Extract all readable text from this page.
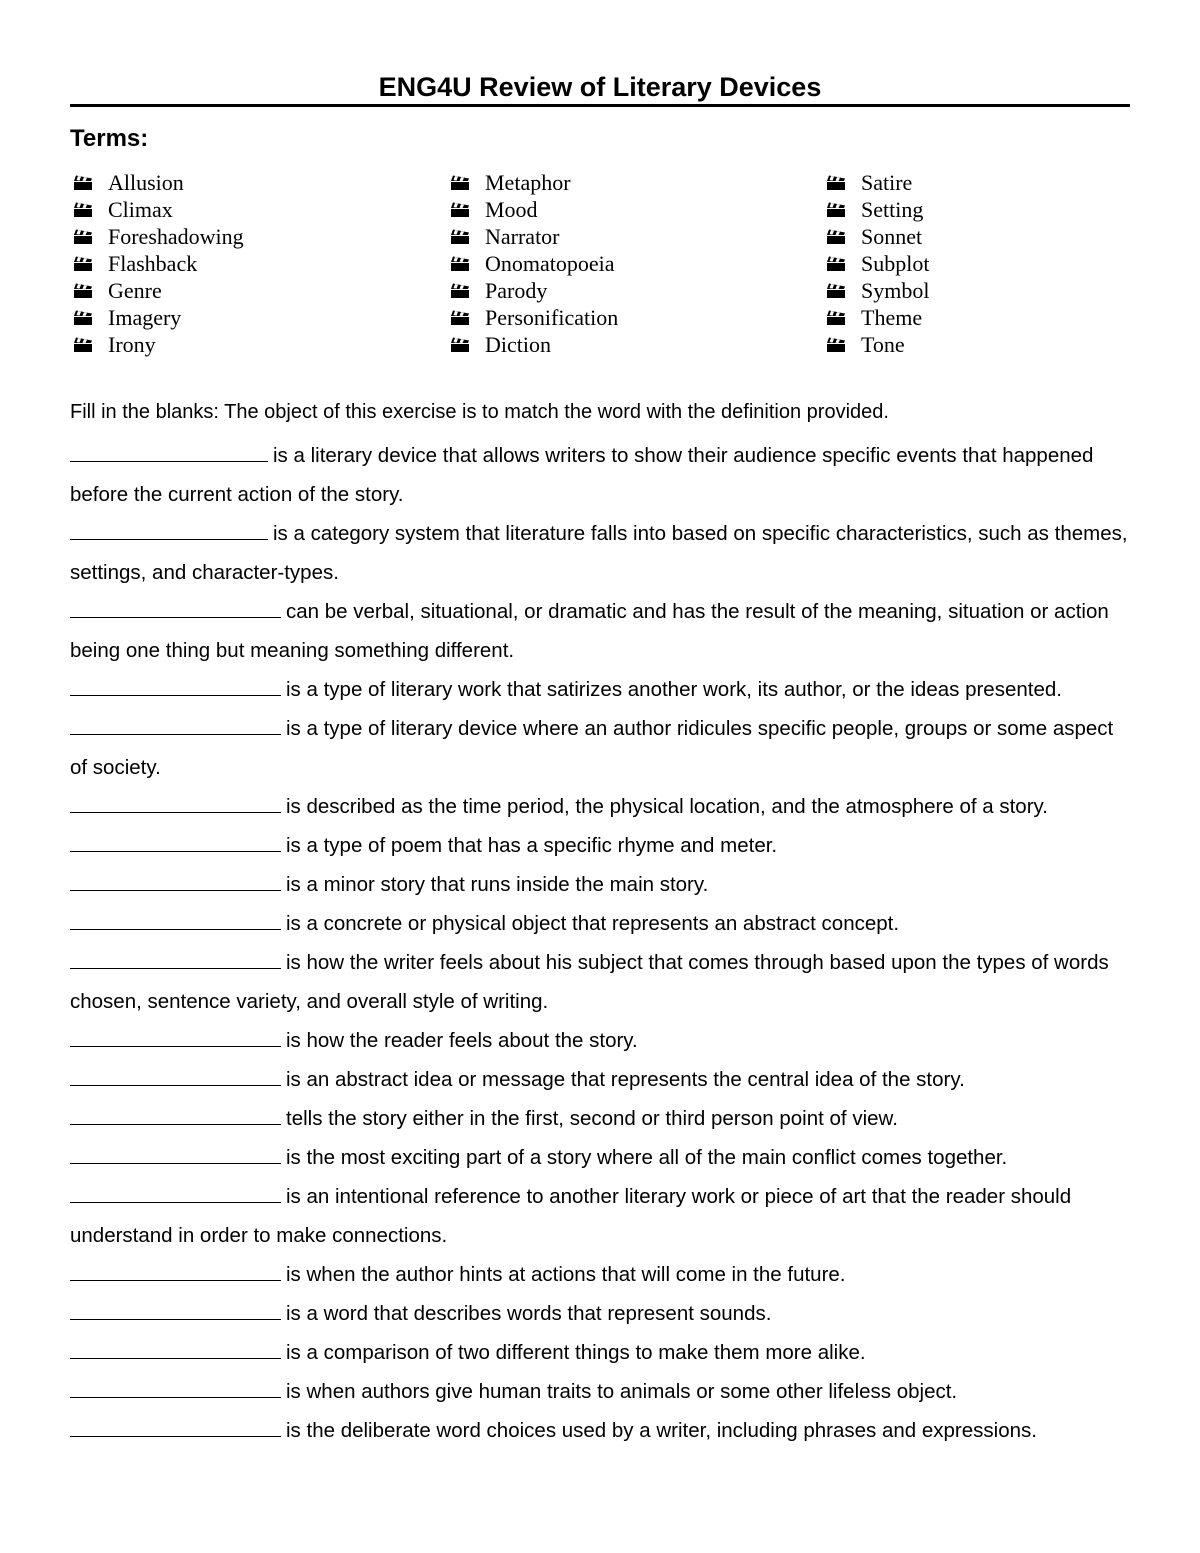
ENG4U Review of Literary Devices
Terms:
Allusion
Climax
Foreshadowing
Flashback
Genre
Imagery
Irony
Metaphor
Mood
Narrator
Onomatopoeia
Parody
Personification
Diction
Satire
Setting
Sonnet
Subplot
Symbol
Theme
Tone
Fill in the blanks: The object of this exercise is to match the word with the definition provided.
is a literary device that allows writers to show their audience specific events that happened before the current action of the story.
is a category system that literature falls into based on specific characteristics, such as themes, settings, and character-types.
can be verbal, situational, or dramatic and has the result of the meaning, situation or action being one thing but meaning something different.
is a type of literary work that satirizes another work, its author, or the ideas presented.
is a type of literary device where an author ridicules specific people, groups or some aspect of society.
is described as the time period, the physical location, and the atmosphere of a story.
is a type of poem that has a specific rhyme and meter.
is a minor story that runs inside the main story.
is a concrete or physical object that represents an abstract concept.
is how the writer feels about his subject that comes through based upon the types of words chosen, sentence variety, and overall style of writing.
is how the reader feels about the story.
is an abstract idea or message that represents the central idea of the story.
tells the story either in the first, second or third person point of view.
is the most exciting part of a story where all of the main conflict comes together.
is an intentional reference to another literary work or piece of art that the reader should understand in order to make connections.
is when the author hints at actions that will come in the future.
is a word that describes words that represent sounds.
is a comparison of two different things to make them more alike.
is when authors give human traits to animals or some other lifeless object.
is the deliberate word choices used by a writer, including phrases and expressions.
